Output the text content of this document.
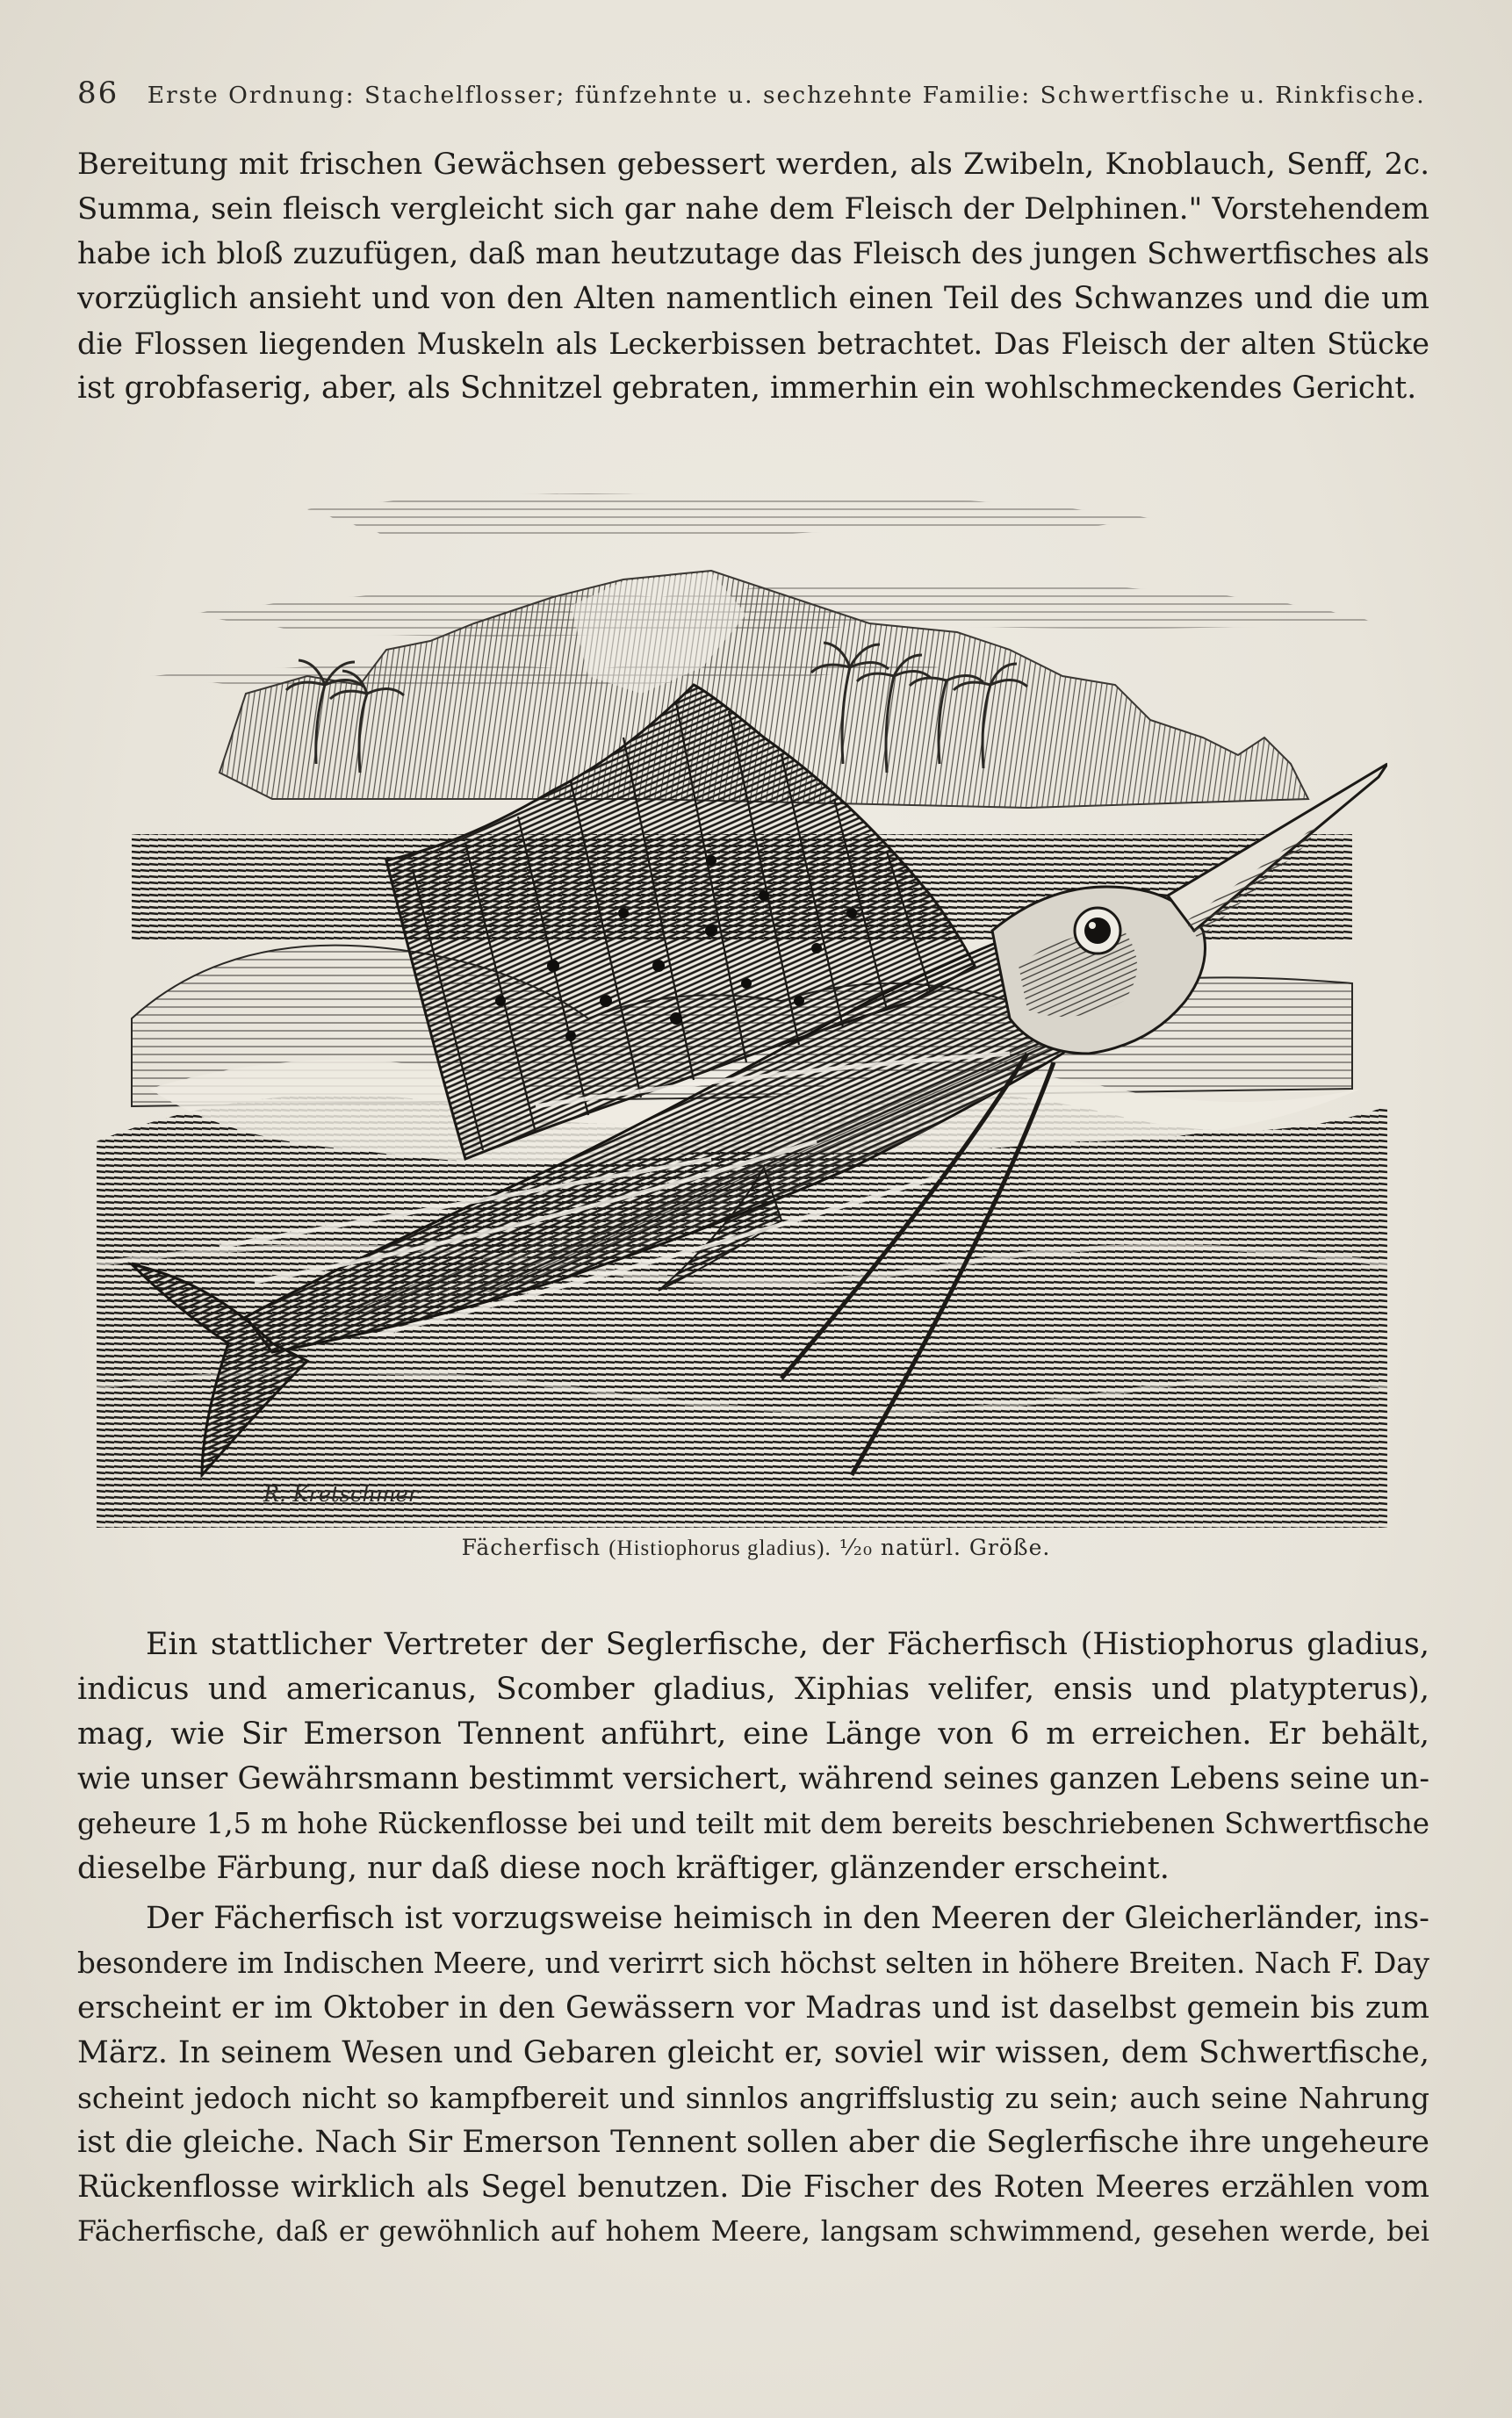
86 Erste Ordnung: Stachelflosser; fünfzehnte u. sechzehnte Familie: Schwertfische u. Rinkfische.
Bereitung mit frischen Gewächsen gebessert werden, als Zwibeln, Knoblauch, Senff, 2c.
Summa, sein fleisch vergleicht sich gar nahe dem Fleisch der Delphinen." Vorstehendem
habe ich bloß zuzufügen, daß man heutzutage das Fleisch des jungen Schwertfisches als
vorzüglich ansieht und von den Alten namentlich einen Teil des Schwanzes und die um
die Flossen liegenden Muskeln als Leckerbissen betrachtet. Das Fleisch der alten Stücke
ist grobfaserig, aber, als Schnitzel gebraten, immerhin ein wohlschmeckendes Gericht.
R. Kretschmer
Fächerfisch (Histiophorus gladius). ¹⁄₂₀ natürl. Größe.
Ein stattlicher Vertreter der Seglerfische, der Fächerfisch (Histiophorus gladius,
indicus und americanus, Scomber gladius, Xiphias velifer, ensis und platypterus),
mag, wie Sir Emerson Tennent anführt, eine Länge von 6 m erreichen. Er behält,
wie unser Gewährsmann bestimmt versichert, während seines ganzen Lebens seine un-
geheure 1,5 m hohe Rückenflosse bei und teilt mit dem bereits beschriebenen Schwertfische
dieselbe Färbung, nur daß diese noch kräftiger, glänzender erscheint.
Der Fächerfisch ist vorzugsweise heimisch in den Meeren der Gleicherländer, ins-
besondere im Indischen Meere, und verirrt sich höchst selten in höhere Breiten. Nach F. Day
erscheint er im Oktober in den Gewässern vor Madras und ist daselbst gemein bis zum
März. In seinem Wesen und Gebaren gleicht er, soviel wir wissen, dem Schwertfische,
scheint jedoch nicht so kampfbereit und sinnlos angriffslustig zu sein; auch seine Nahrung
ist die gleiche. Nach Sir Emerson Tennent sollen aber die Seglerfische ihre ungeheure
Rückenflosse wirklich als Segel benutzen. Die Fischer des Roten Meeres erzählen vom
Fächerfische, daß er gewöhnlich auf hohem Meere, langsam schwimmend, gesehen werde, bei
